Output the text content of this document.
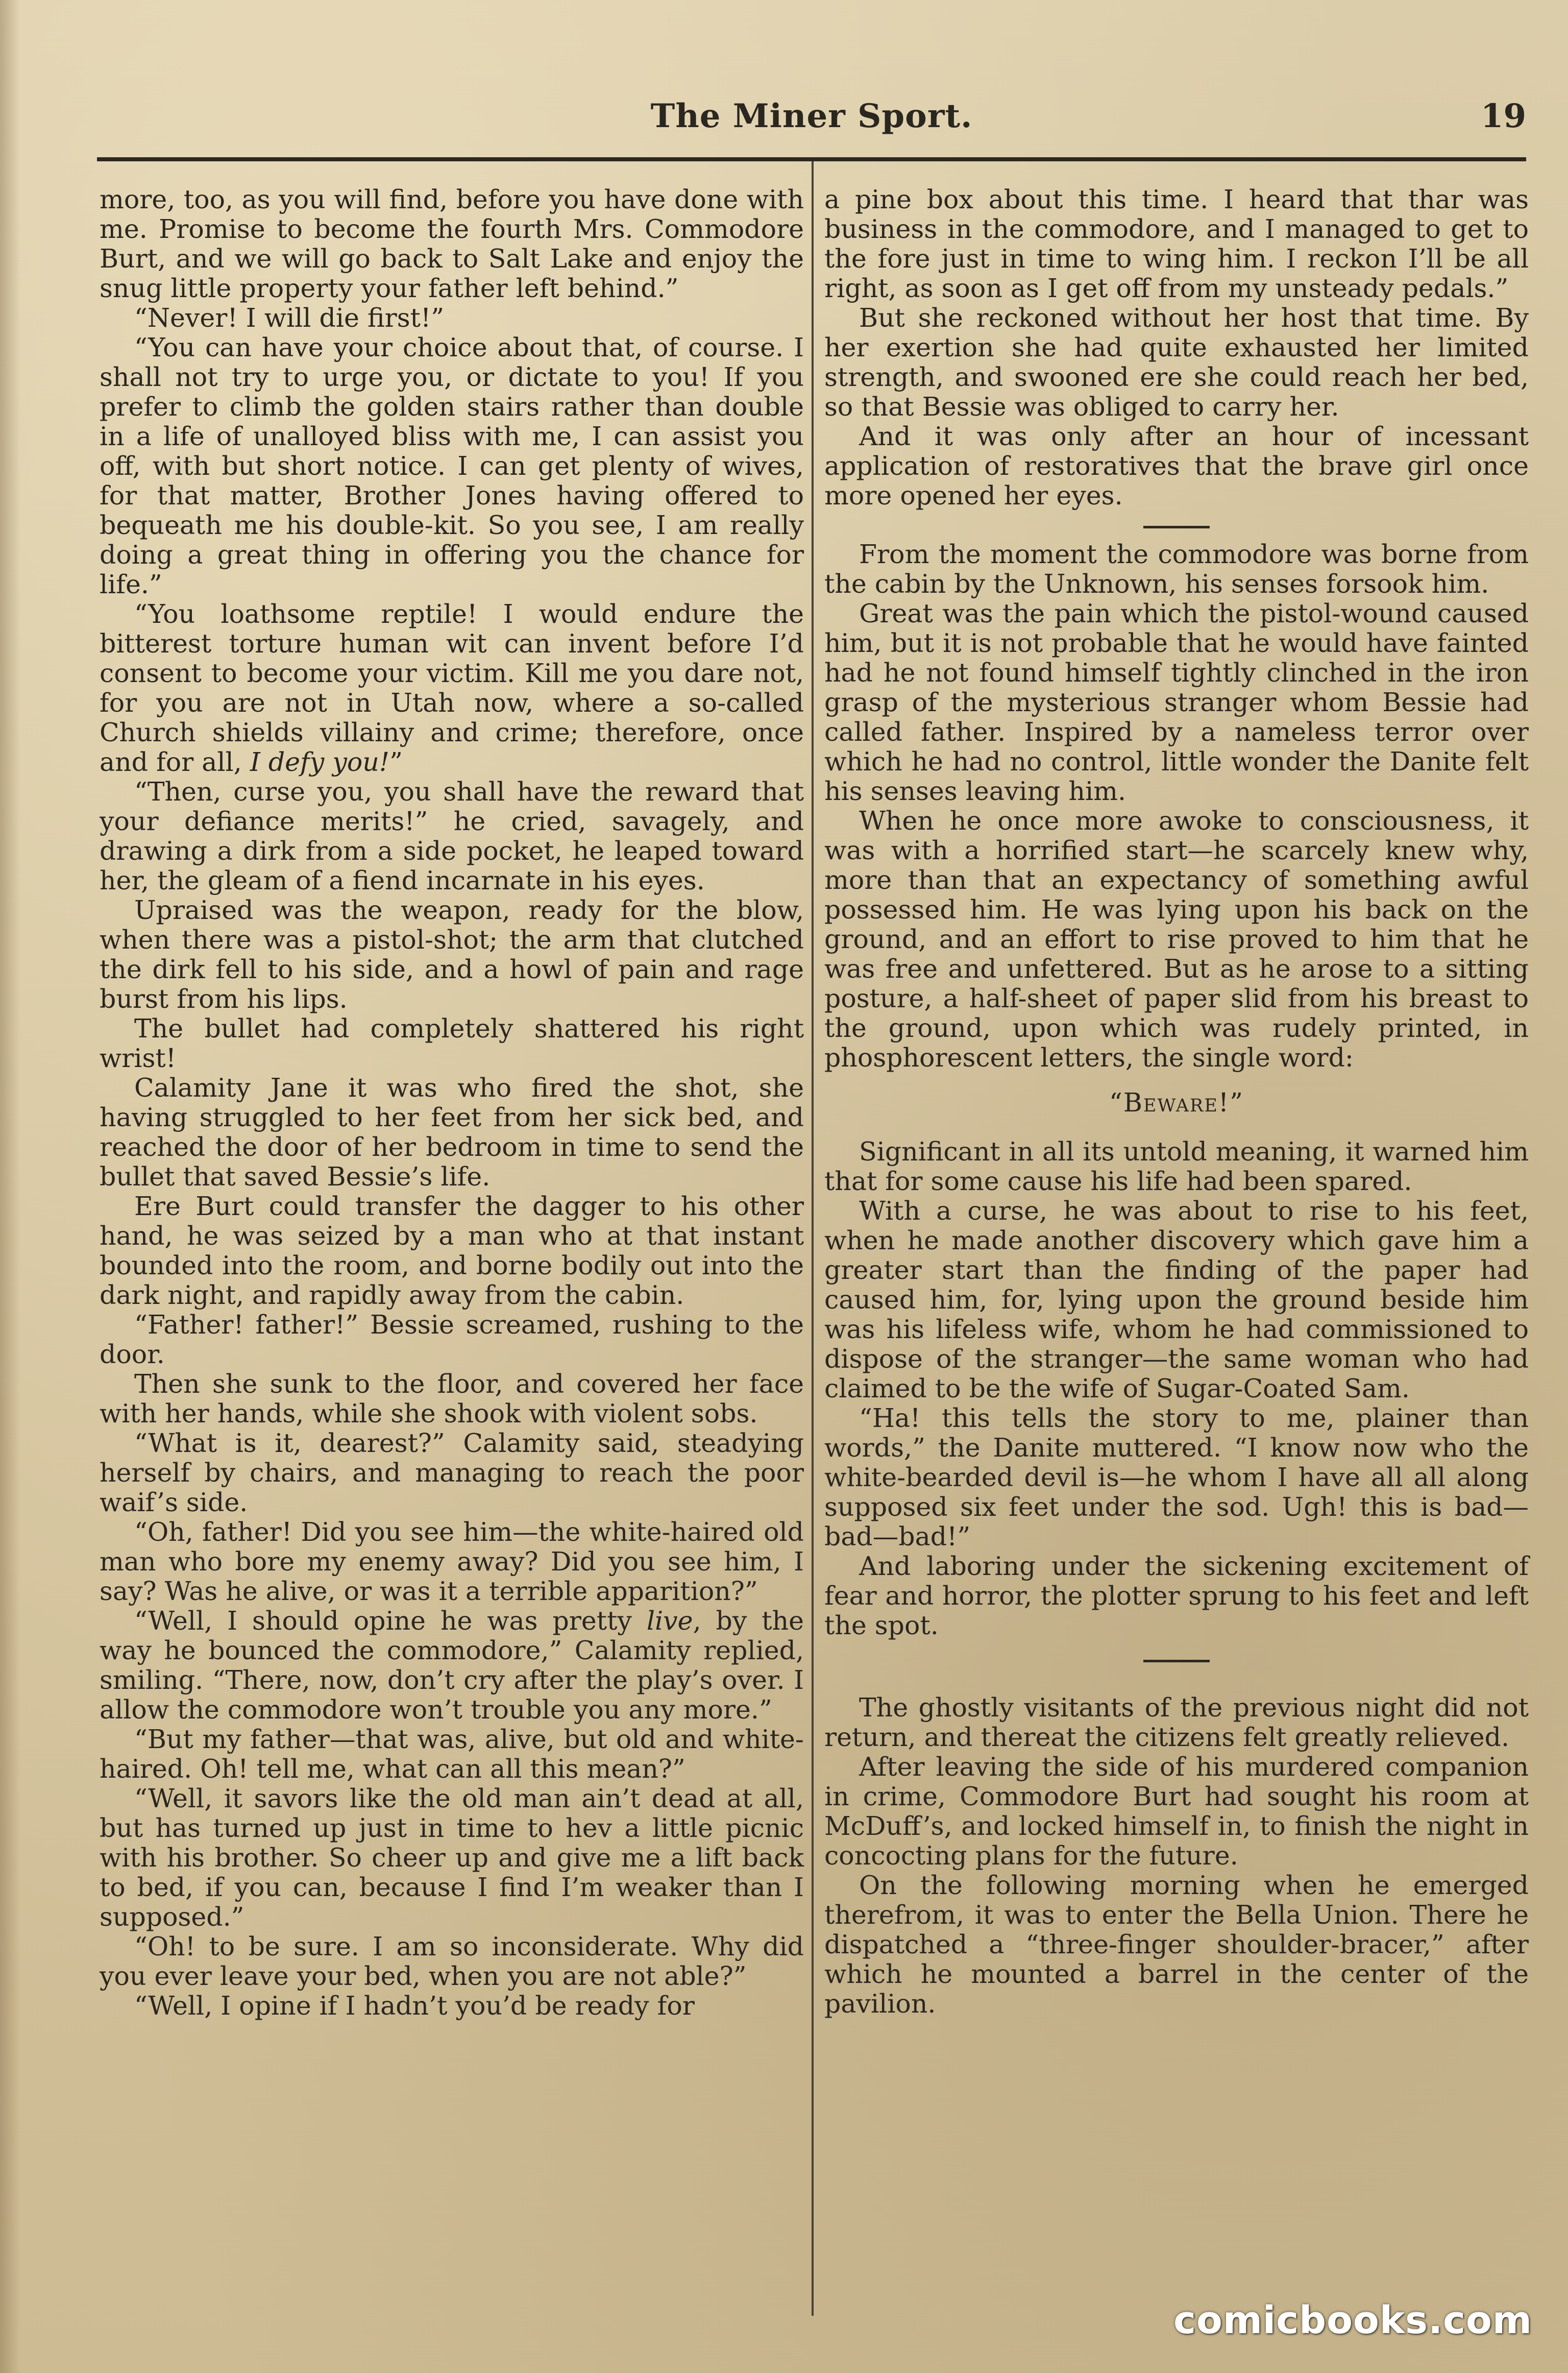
The Miner Sport.	19

more, too, as you will find, before you have done with me. Promise to become the fourth Mrs. Commodore Burt, and we will go back to Salt Lake and enjoy the snug little property your father left behind.”

“Never! I will die first!”

“You can have your choice about that, of course. I shall not try to urge you, or dictate to you! If you prefer to climb the golden stairs rather than double in a life of unalloyed bliss with me, I can assist you off, with but short notice. I can get plenty of wives, for that matter, Brother Jones having offered to bequeath me his double-kit. So you see, I am really doing a great thing in offering you the chance for life.”

“You loathsome reptile! I would endure the bitterest torture human wit can invent before I’d consent to become your victim. Kill me you dare not, for you are not in Utah now, where a so-called Church shields villainy and crime; therefore, once and for all, I defy you!”

“Then, curse you, you shall have the reward that your defiance merits!” he cried, savagely, and drawing a dirk from a side pocket, he leaped toward her, the gleam of a fiend incarnate in his eyes.

Upraised was the weapon, ready for the blow, when there was a pistol-shot; the arm that clutched the dirk fell to his side, and a howl of pain and rage burst from his lips.

The bullet had completely shattered his right wrist!

Calamity Jane it was who fired the shot, she having struggled to her feet from her sick bed, and reached the door of her bedroom in time to send the bullet that saved Bessie’s life.

Ere Burt could transfer the dagger to his other hand, he was seized by a man who at that instant bounded into the room, and borne bodily out into the dark night, and rapidly away from the cabin.

“Father! father!” Bessie screamed, rushing to the door.

Then she sunk to the floor, and covered her face with her hands, while she shook with violent sobs.

“What is it, dearest?” Calamity said, steadying herself by chairs, and managing to reach the poor waif’s side.

“Oh, father! Did you see him—the white-haired old man who bore my enemy away? Did you see him, I say? Was he alive, or was it a terrible apparition?”

“Well, I should opine he was pretty live, by the way he bounced the commodore,” Calamity replied, smiling. “There, now, don’t cry after the play’s over. I allow the commodore won’t trouble you any more.”

“But my father—that was, alive, but old and white-haired. Oh! tell me, what can all this mean?”

“Well, it savors like the old man ain’t dead at all, but has turned up just in time to hev a little picnic with his brother. So cheer up and give me a lift back to bed, if you can, because I find I’m weaker than I supposed.”

“Oh! to be sure. I am so inconsiderate. Why did you ever leave your bed, when you are not able?”

“Well, I opine if I hadn’t you’d be ready for

a pine box about this time. I heard that thar was business in the commodore, and I managed to get to the fore just in time to wing him. I reckon I’ll be all right, as soon as I get off from my unsteady pedals.”

But she reckoned without her host that time. By her exertion she had quite exhausted her limited strength, and swooned ere she could reach her bed, so that Bessie was obliged to carry her.

And it was only after an hour of incessant application of restoratives that the brave girl once more opened her eyes.

From the moment the commodore was borne from the cabin by the Unknown, his senses forsook him.

Great was the pain which the pistol-wound caused him, but it is not probable that he would have fainted had he not found himself tightly clinched in the iron grasp of the mysterious stranger whom Bessie had called father. Inspired by a nameless terror over which he had no control, little wonder the Danite felt his senses leaving him.

When he once more awoke to consciousness, it was with a horrified start—he scarcely knew why, more than that an expectancy of something awful possessed him. He was lying upon his back on the ground, and an effort to rise proved to him that he was free and unfettered. But as he arose to a sitting posture, a half-sheet of paper slid from his breast to the ground, upon which was rudely printed, in phosphorescent letters, the single word:

“Beware!”

Significant in all its untold meaning, it warned him that for some cause his life had been spared.

With a curse, he was about to rise to his feet, when he made another discovery which gave him a greater start than the finding of the paper had caused him, for, lying upon the ground beside him was his lifeless wife, whom he had commissioned to dispose of the stranger—the same woman who had claimed to be the wife of Sugar-Coated Sam.

“Ha! this tells the story to me, plainer than words,” the Danite muttered. “I know now who the white-bearded devil is—he whom I have all all along supposed six feet under the sod. Ugh! this is bad—bad—bad!”

And laboring under the sickening excitement of fear and horror, the plotter sprung to his feet and left the spot.

The ghostly visitants of the previous night did not return, and thereat the citizens felt greatly relieved.

After leaving the side of his murdered companion in crime, Commodore Burt had sought his room at McDuff’s, and locked himself in, to finish the night in concocting plans for the future.

On the following morning when he emerged therefrom, it was to enter the Bella Union. There he dispatched a “three-finger shoulder-bracer,” after which he mounted a barrel in the center of the pavilion.

comicbooks.com
